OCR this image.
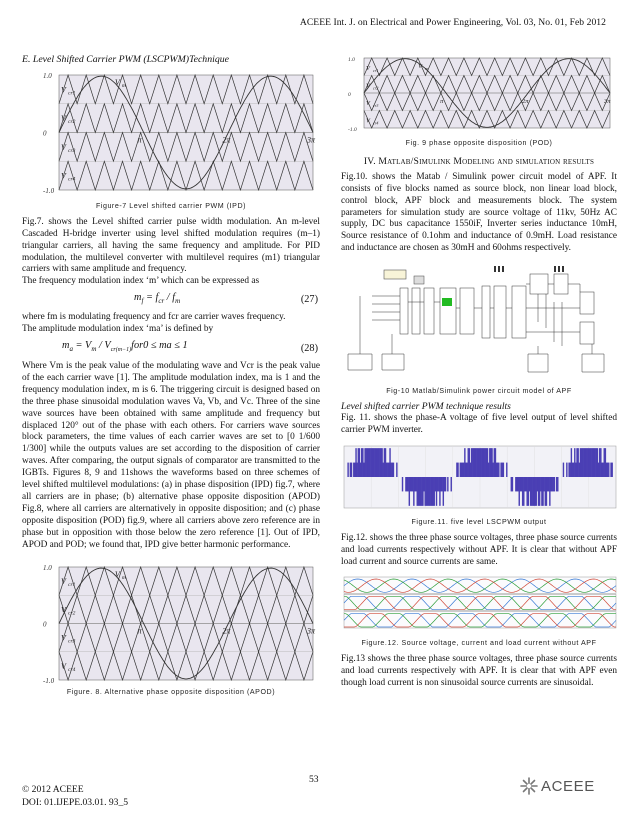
ACEEE Int. J. on Electrical and Power Engineering, Vol. 03, No. 01, Feb 2012
E. Level Shifted Carrier PWM (LSCPWM)Technique
1.0
0
-1.0
V cr1
V cr2
V cr3
V cr4
π	2π	3π
V m
Figure-7 Level shifted carrier PWM (IPD)

Fig.7. shows the Level shifted carrier pulse width modulation. An m-level Cascaded H-bridge inverter using level shifted modulation requires (m–1) triangular carriers, all having the same frequency and amplitude. For PID modulation, the multilevel converter with multilevel requires (m1) triangular carriers with same amplitude and frequency.

The frequency modulation index ‘m’ which can be expressed as

$m_f = f_{cr} / f_m$	(27)

where fm is modulating frequency and fcr are carrier waves frequency.

The amplitude modulation index ‘ma’ is defined by

$m_a = V_m / V_{cr(m-1)}for0$ ≤ ma ≤ 1	(28)

Where Vm is the peak value of the modulating wave and Vcr is the peak value of the each carrier wave [1]. The amplitude modulation index, ma is 1 and the frequency modulation index, m is 6. The triggering circuit is designed based on the three phase sinusoidal modulation waves Va, Vb, and Vc. Three of the sine wave sources have been obtained with same amplitude and frequency but displaced 120° out of the phase with each others. For carriers wave sources block parameters, the time values of each carrier waves are set to [0 1/600 1/300] while the outputs values are set according to the disposition of carrier waves. After comparing, the output signals of comparator are transmitted to the IGBTs. Figures 8, 9 and 11shows the waveforms based on three schemes of level shifted multilevel modulations: (a) in phase disposition (IPD) fig.7, where all carriers are in phase; (b) alternative phase opposite disposition (APOD) Fig.8, where all carriers are alternatively in opposite disposition; and (c) phase opposite disposition (POD) fig.9, where all carriers above zero reference are in phase but in opposition with those below the zero reference [1]. Out of IPD, APOD and POD; we found that, IPD give better harmonic performance.

1.0
0
-1.0
V cr1
V cr2
V cr3
V cr4
π	2π	3π
V m
Figure. 8. Alternative phase opposite disposition (APOD)
1.0
0
-1.0
V cr1
V cr2
V cr3
V cr4
π	2π	3π
V m
Fig. 9 phase opposite disposition (POD)
IV. Matlab/Simulink Modeling and simulation results

Fig.10. shows the Matab / Simulink power circuit model of APF. It consists of five blocks named as source block, non linear load block, control block, APF block and measurements block. The system parameters for simulation study are source voltage of 11kv, 50Hz AC supply, DC bus capacitance 1550iF, Inverter series inductance 10mH, Source resistance of 0.1ohm and inductance of 0.9mH. Load resistance and inductance are chosen as 30mH and 60ohms respectively.

Fig-10 Matlab/Simulink power circuit model of APF
Level shifted carrier PWM technique results

Fig. 11. shows the phase-A voltage of five level output of level shifted carrier PWM inverter.

Figure.11. five level LSCPWM output

Fig.12. shows the three phase source voltages, three phase source currents and load currents respectively without APF. It is clear that without APF load current and source currents are same.

Figure.12. Source voltage, current and load current without APF

Fig.13 shows the three phase source voltages, three phase source currents and load currents respectively with APF. It is clear that with APF even though load current is non sinusoidal source currents are sinusoidal.

53
© 2012 ACEEE
DOI: 01.IJEPE.03.01. 93_5
ACEEE
